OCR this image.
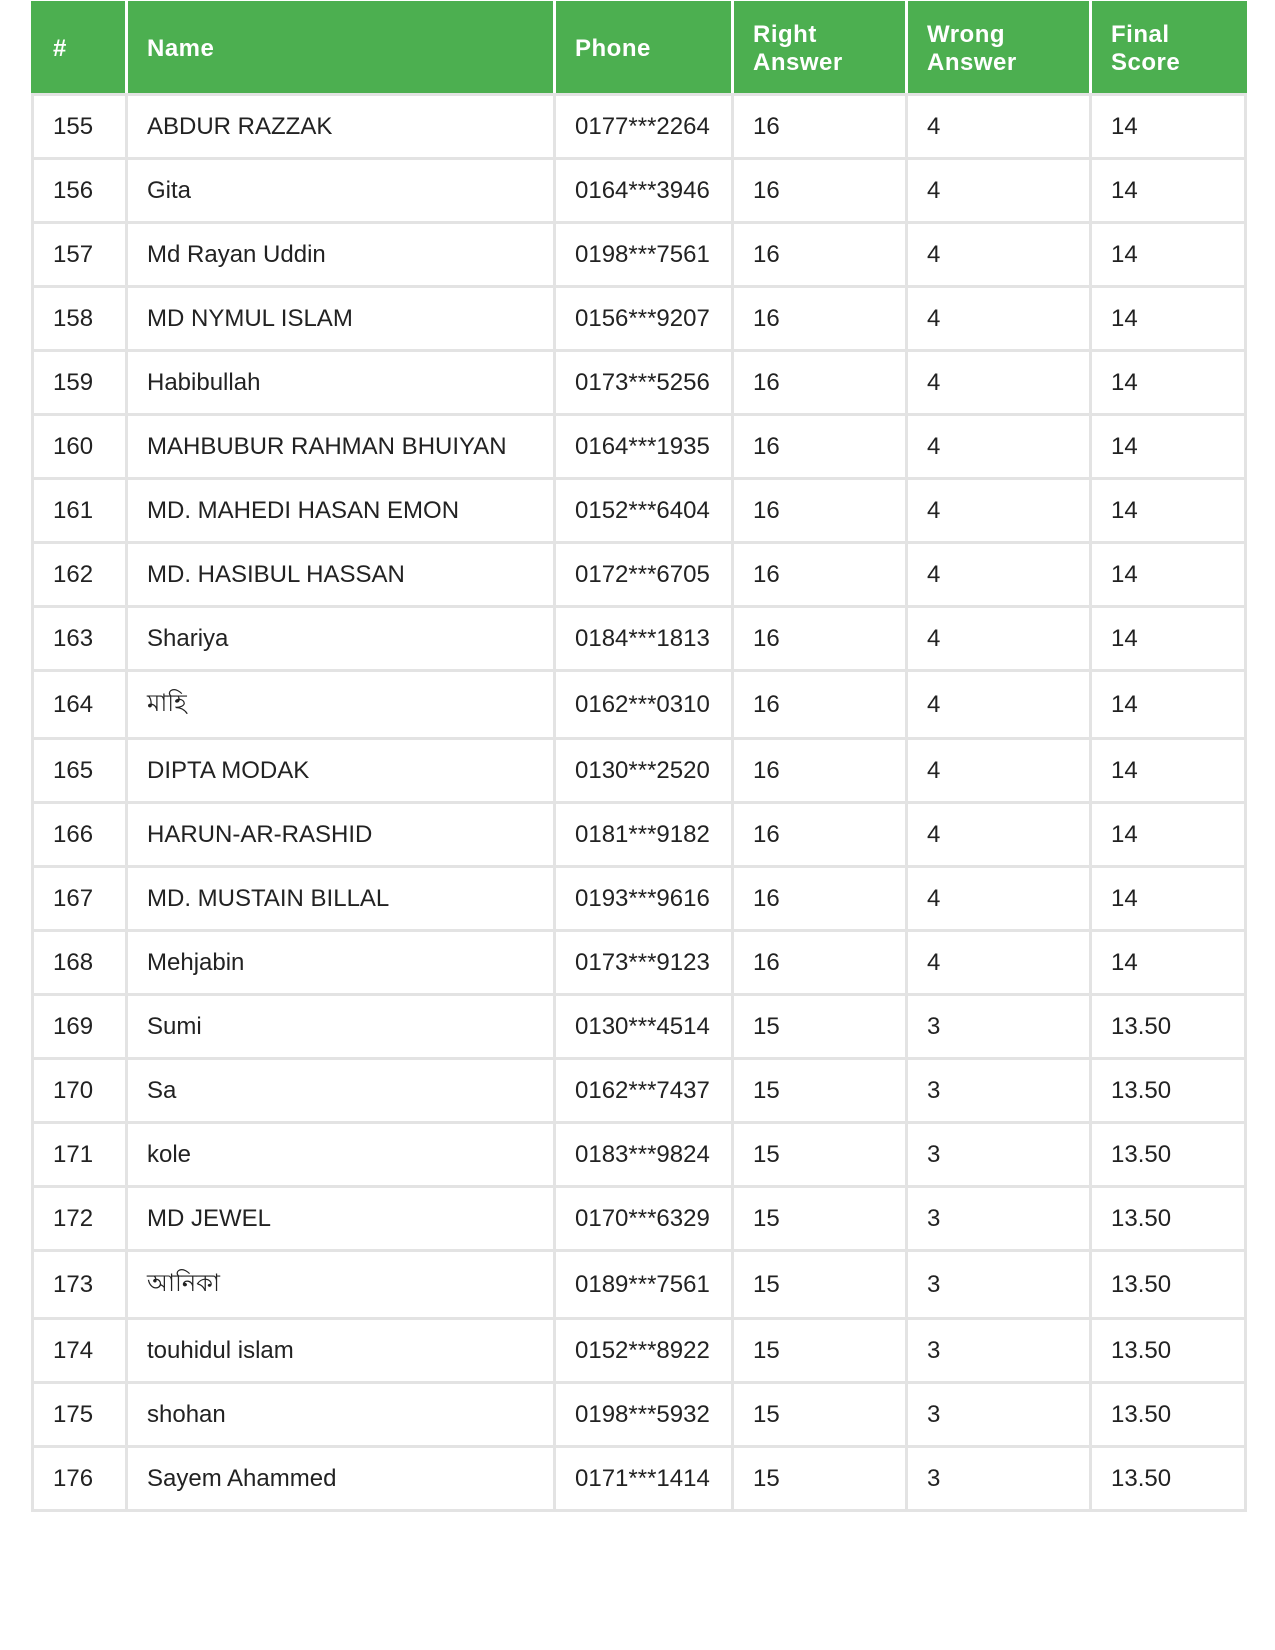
#	Name	Phone	Right Answer	Wrong Answer	Final Score
155	ABDUR RAZZAK	0177***2264	16	4	14
156	Gita	0164***3946	16	4	14
157	Md Rayan Uddin	0198***7561	16	4	14
158	MD NYMUL ISLAM	0156***9207	16	4	14
159	Habibullah	0173***5256	16	4	14
160	MAHBUBUR RAHMAN BHUIYAN	0164***1935	16	4	14
161	MD. MAHEDI HASAN EMON	0152***6404	16	4	14
162	MD. HASIBUL HASSAN	0172***6705	16	4	14
163	Shariya	0184***1813	16	4	14
164	মাহি	0162***0310	16	4	14
165	DIPTA MODAK	0130***2520	16	4	14
166	HARUN-AR-RASHID	0181***9182	16	4	14
167	MD. MUSTAIN BILLAL	0193***9616	16	4	14
168	Mehjabin	0173***9123	16	4	14
169	Sumi	0130***4514	15	3	13.50
170	Sa	0162***7437	15	3	13.50
171	kole	0183***9824	15	3	13.50
172	MD JEWEL	0170***6329	15	3	13.50
173	আনিকা	0189***7561	15	3	13.50
174	touhidul islam	0152***8922	15	3	13.50
175	shohan	0198***5932	15	3	13.50
176	Sayem Ahammed	0171***1414	15	3	13.50
